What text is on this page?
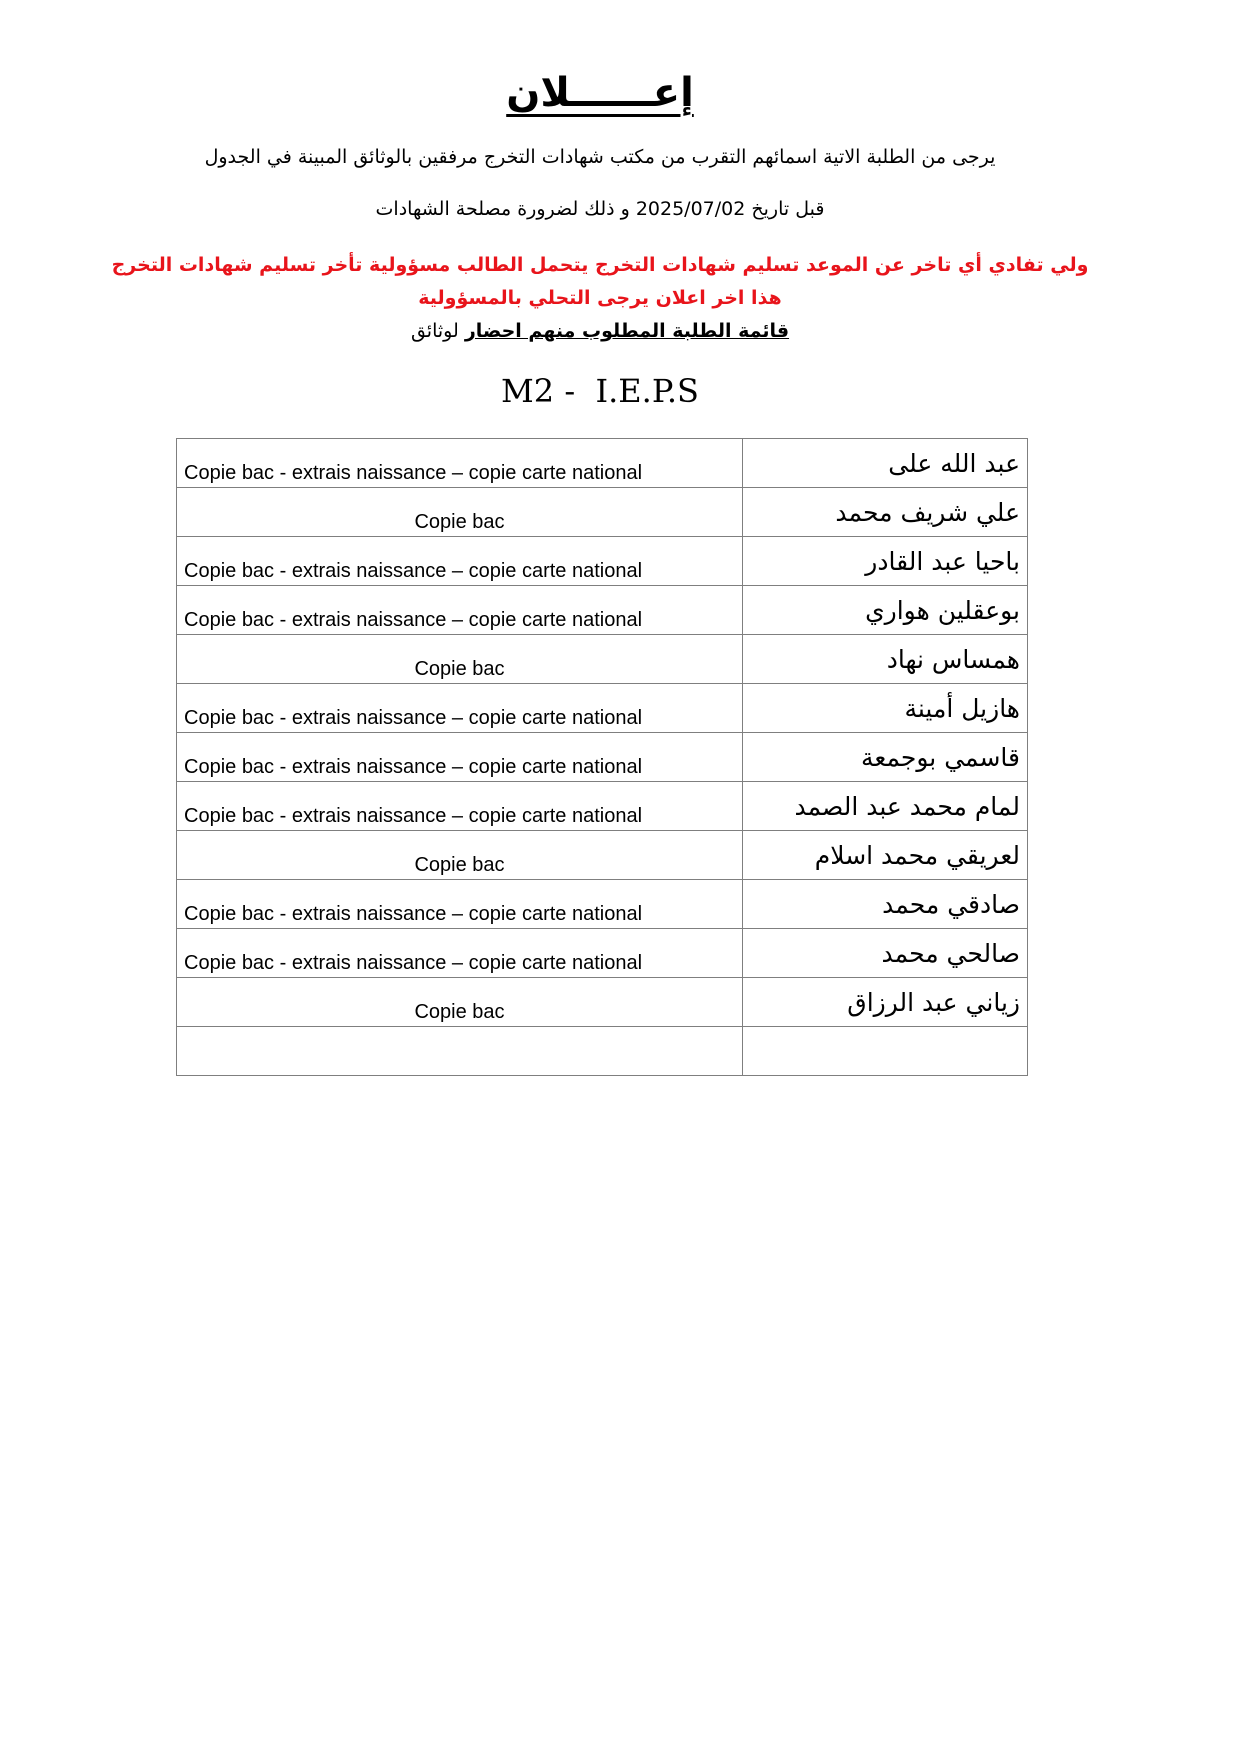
إعــــــلان
يرجى من الطلبة الاتية اسمائهم التقرب من مكتب شهادات التخرج مرفقين بالوثائق المبينة في الجدول
قبل تاريخ 2025/07/02 و ذلك لضرورة مصلحة الشهادات
ولي تفادي أي تاخر عن الموعد تسليم شهادات التخرج يتحمل الطالب مسؤولية تأخر تسليم شهادات التخرج
هذا اخر اعلان يرجى التحلي بالمسؤولية
قائمة الطلبة المطلوب منهم احضار لوثائق
M2 -  I.E.P.S
Copie bac - extrais naissance – copie carte national	عبد الله على
Copie bac	علي شريف محمد
Copie bac - extrais naissance – copie carte national	باحيا عبد القادر
Copie bac - extrais naissance – copie carte national	بوعقلين هواري
Copie bac	همساس نهاد
Copie bac - extrais naissance – copie carte national	هازيل أمينة
Copie bac - extrais naissance – copie carte national	قاسمي بوجمعة
Copie bac - extrais naissance – copie carte national	لمام محمد عبد الصمد
Copie bac	لعريقي محمد اسلام
Copie bac - extrais naissance – copie carte national	صادقي محمد
Copie bac - extrais naissance – copie carte national	صالحي محمد
Copie bac	زياني عبد الرزاق
